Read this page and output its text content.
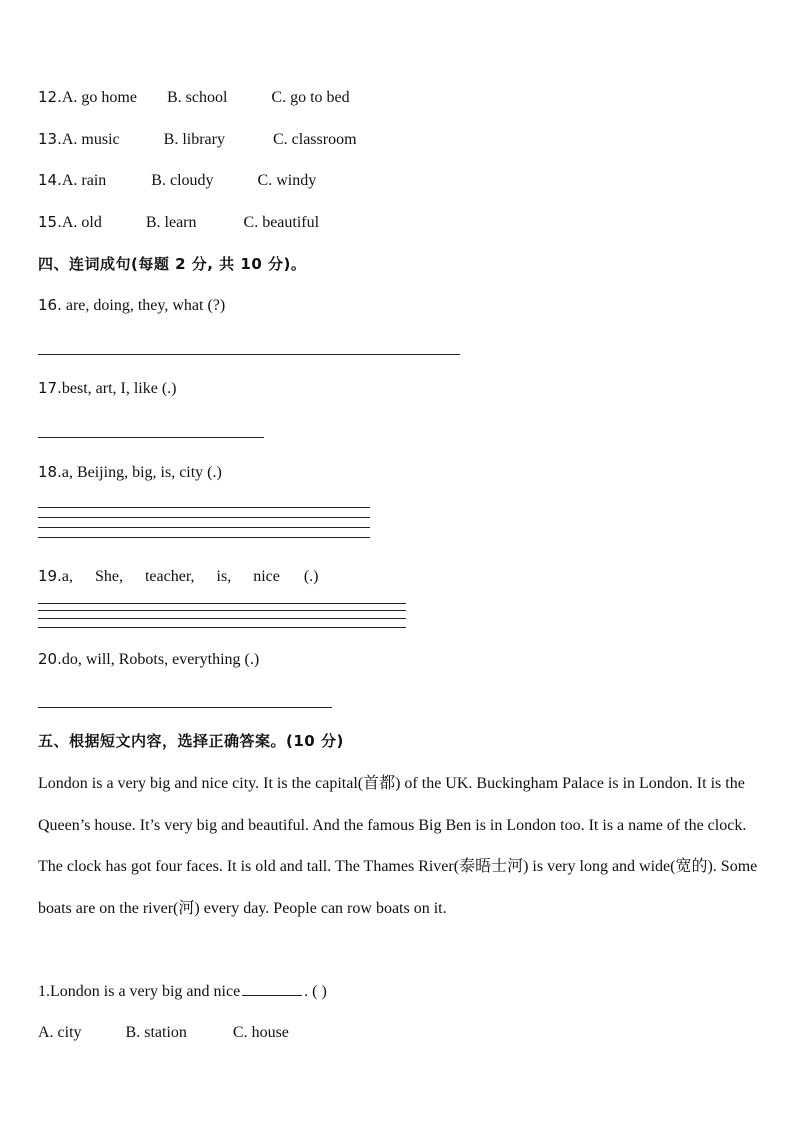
12.A. go home B. school	C. go to bed
13.A. music	B. library	C. classroom
14.A. rain	B. cloudy	C. windy
15.A. old	B. learn	C. beautiful
四、连词成句(每题 2 分, 共 10 分)。
16. are, doing, they, what (?)
17.best, art, I, like (.)
18.a, Beijing, big, is, city (.)
19.a, She, teacher, is, nice (.)
20.do, will, Robots, everything (.)
五、根据短文内容，选择正确答案。(10 分)
London is a very big and nice city. It is the capital(首都) of the UK. Buckingham Palace is in London. It is the Queen’s house. It’s very big and beautiful. And the famous Big Ben is in London too. It is a name of the clock. The clock has got four faces. It is old and tall. The Thames River(泰晤士河) is very long and wide(宽的). Some boats are on the river(河) every day. People can row boats on it.
1.London is a very big and nice	. ( )
A. city	B. station	C. house
